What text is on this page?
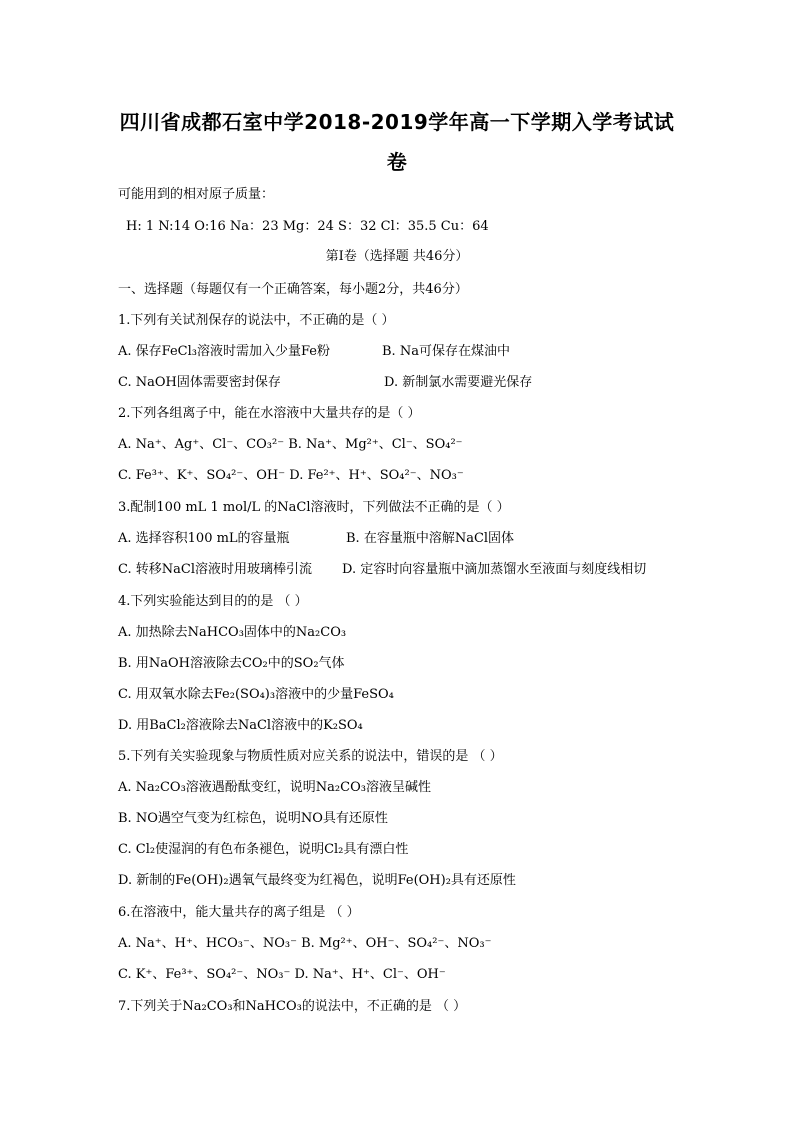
四川省成都石室中学2018-2019学年高一下学期入学考试试
卷
可能用到的相对原子质量：
H: 1 N:14 O:16 Na：23 Mg：24 S：32 Cl：35.5 Cu：64
第Ⅰ卷（选择题 共46分）
一、选择题（每题仅有一个正确答案，每小题2分，共46分）
1.下列有关试剂保存的说法中，不正确的是（ ）
A. 保存FeCl₃溶液时需加入少量Fe粉	B. Na可保存在煤油中
C. NaOH固体需要密封保存	D. 新制氯水需要避光保存
2.下列各组离子中，能在水溶液中大量共存的是（ ）
A. Na⁺、Ag⁺、Cl⁻、CO₃²⁻ B. Na⁺、Mg²⁺、Cl⁻、SO₄²⁻
C. Fe³⁺、K⁺、SO₄²⁻、OH⁻ D. Fe²⁺、H⁺、SO₄²⁻、NO₃⁻
3.配制100 mL 1 mol/L 的NaCl溶液时，下列做法不正确的是（ ）
A. 选择容积100 mL的容量瓶	B. 在容量瓶中溶解NaCl固体
C. 转移NaCl溶液时用玻璃棒引流 D. 定容时向容量瓶中滴加蒸馏水至液面与刻度线相切
4.下列实验能达到目的的是 （ ）
A. 加热除去NaHCO₃固体中的Na₂CO₃
B. 用NaOH溶液除去CO₂中的SO₂气体
C. 用双氧水除去Fe₂(SO₄)₃溶液中的少量FeSO₄
D. 用BaCl₂溶液除去NaCl溶液中的K₂SO₄
5.下列有关实验现象与物质性质对应关系的说法中，错误的是 （ ）
A. Na₂CO₃溶液遇酚酞变红，说明Na₂CO₃溶液呈碱性
B. NO遇空气变为红棕色，说明NO具有还原性
C. Cl₂使湿润的有色布条褪色，说明Cl₂具有漂白性
D. 新制的Fe(OH)₂遇氧气最终变为红褐色，说明Fe(OH)₂具有还原性
6.在溶液中，能大量共存的离子组是 （ ）
A. Na⁺、H⁺、HCO₃⁻、NO₃⁻ B. Mg²⁺、OH⁻、SO₄²⁻、NO₃⁻
C. K⁺、Fe³⁺、SO₄²⁻、NO₃⁻ D. Na⁺、H⁺、Cl⁻、OH⁻
7.下列关于Na₂CO₃和NaHCO₃的说法中，不正确的是 （ ）
